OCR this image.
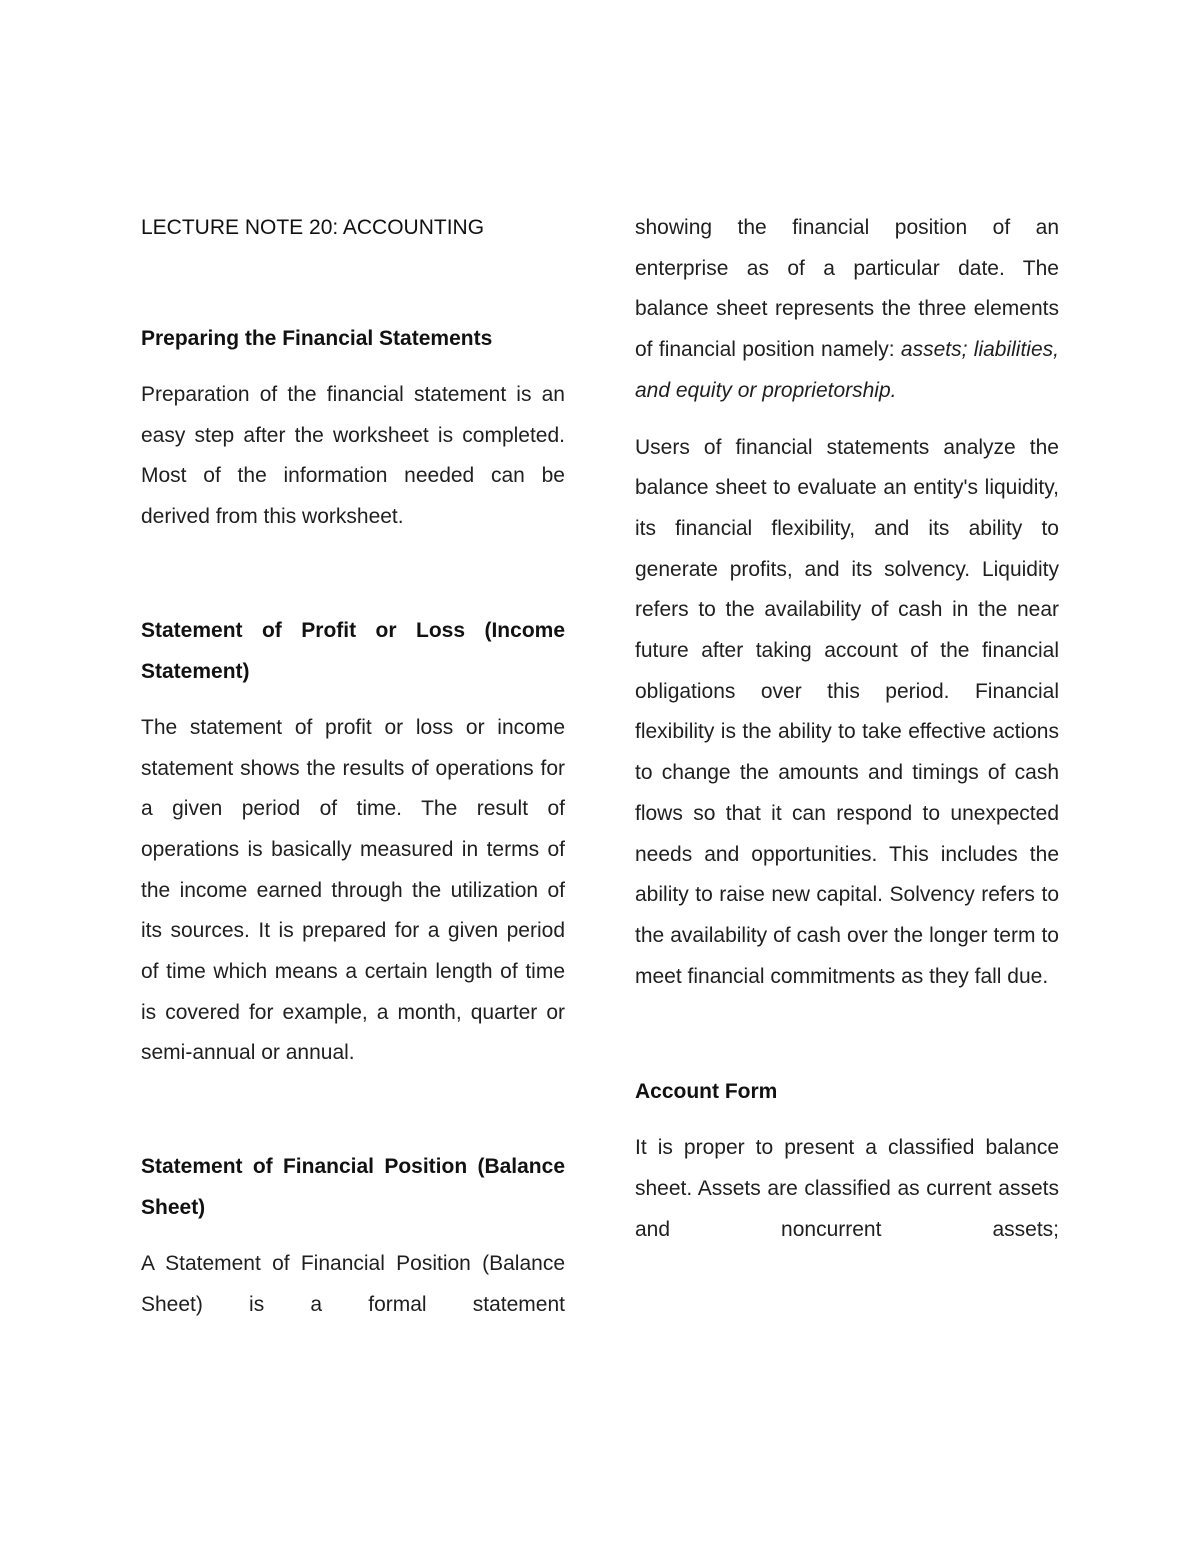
LECTURE NOTE 20: ACCOUNTING
Preparing the Financial Statements

Preparation of the financial statement is an easy step after the worksheet is completed. Most of the information needed can be derived from this worksheet.

Statement of Profit or Loss (Income Statement)

The statement of profit or loss or income statement shows the results of operations for a given period of time. The result of operations is basically measured in terms of the income earned through the utilization of its sources. It is prepared for a given period of time which means a certain length of time is covered for example, a month, quarter or semi-annual or annual.

Statement of Financial Position (Balance Sheet)

A Statement of Financial Position (Balance Sheet) is a formal statement

showing the financial position of an enterprise as of a particular date. The balance sheet represents the three elements of financial position namely: assets; liabilities, and equity or proprietorship.

Users of financial statements analyze the balance sheet to evaluate an entity's liquidity, its financial flexibility, and its ability to generate profits, and its solvency. Liquidity refers to the availability of cash in the near future after taking account of the financial obligations over this period. Financial flexibility is the ability to take effective actions to change the amounts and timings of cash flows so that it can respond to unexpected needs and opportunities. This includes the ability to raise new capital. Solvency refers to the availability of cash over the longer term to meet financial commitments as they fall due.

Account Form

It is proper to present a classified balance sheet. Assets are classified as current assets and noncurrent assets;
